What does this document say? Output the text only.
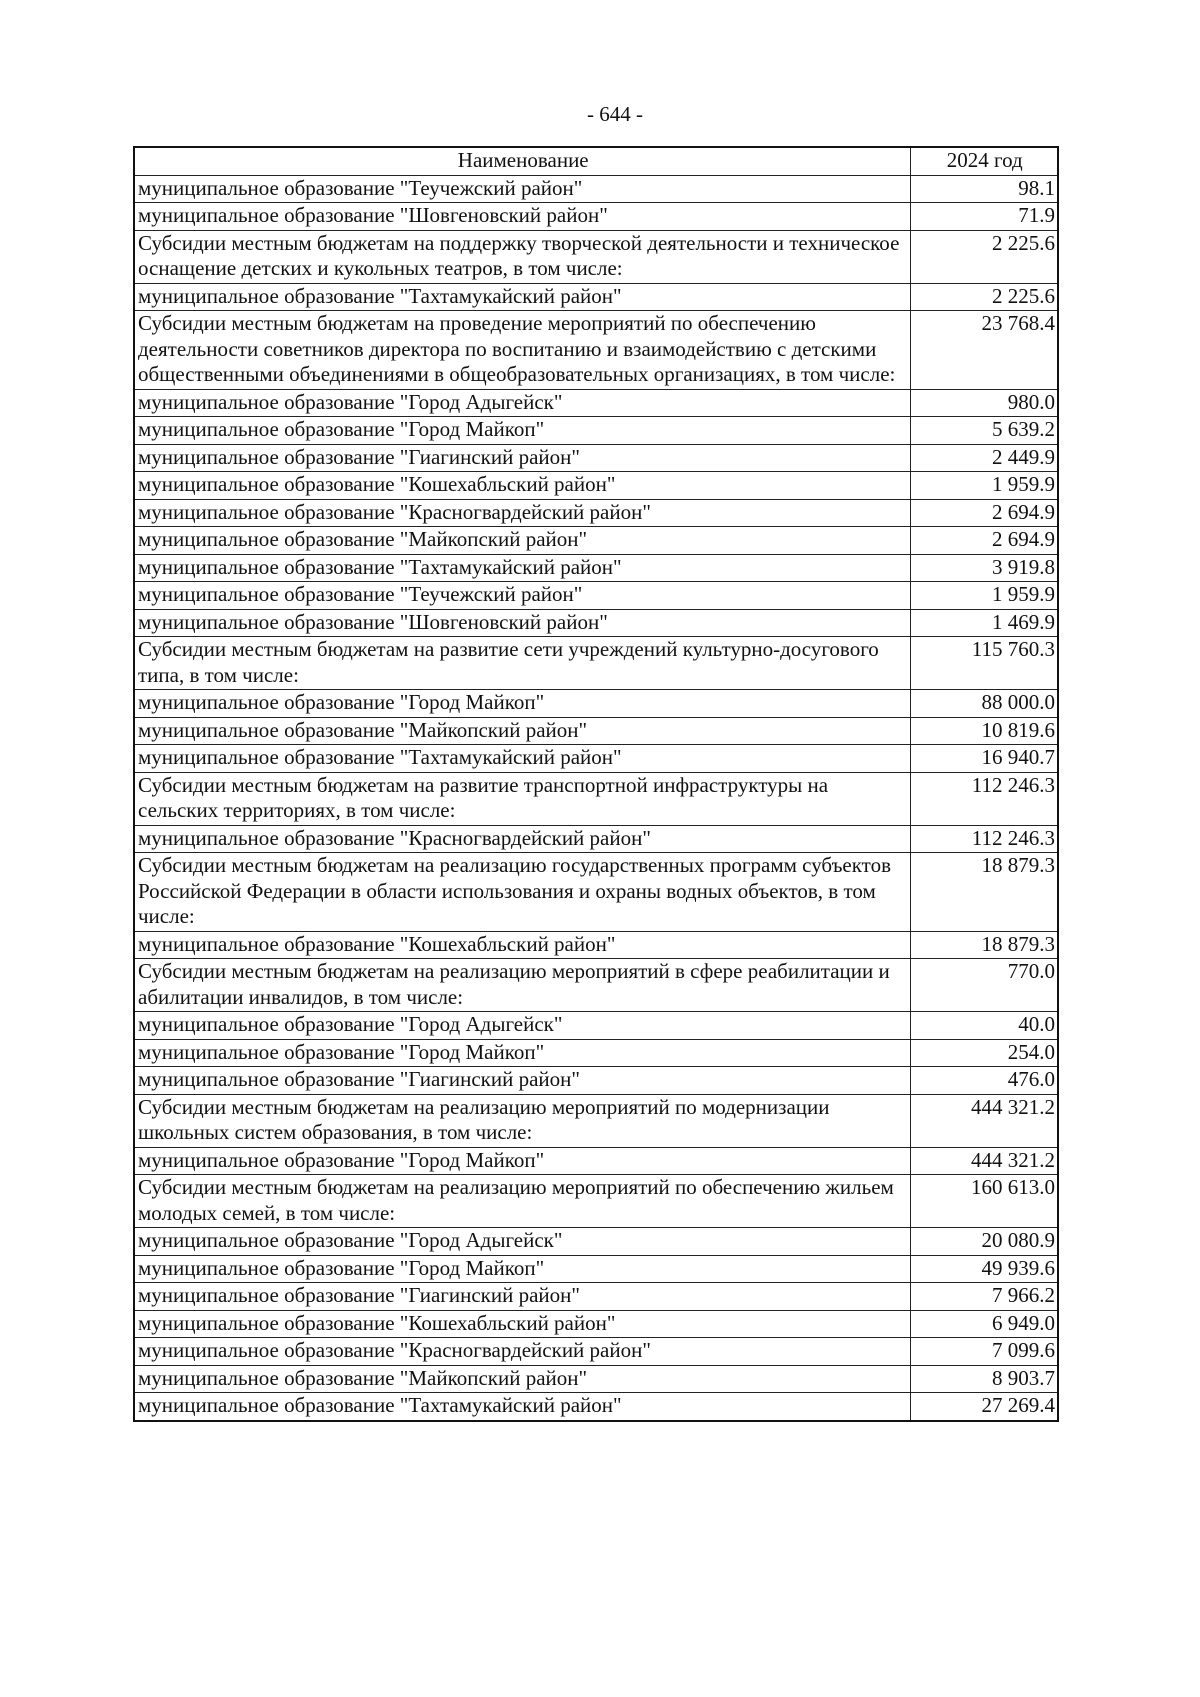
- 644 -
Наименование	2024 год
муниципальное образование "Теучежский район"	98.1
муниципальное образование "Шовгеновский район"	71.9
Субсидии местным бюджетам на поддержку творческой деятельности и техническое оснащение детских и кукольных театров, в том числе:	2 225.6
муниципальное образование "Тахтамукайский район"	2 225.6
Субсидии местным бюджетам на проведение мероприятий по обеспечению деятельности советников директора по воспитанию и взаимодействию с детскими общественными объединениями в общеобразовательных организациях, в том числе:	23 768.4
муниципальное образование "Город Адыгейск"	980.0
муниципальное образование "Город Майкоп"	5 639.2
муниципальное образование "Гиагинский район"	2 449.9
муниципальное образование "Кошехабльский район"	1 959.9
муниципальное образование "Красногвардейский район"	2 694.9
муниципальное образование "Майкопский район"	2 694.9
муниципальное образование "Тахтамукайский район"	3 919.8
муниципальное образование "Теучежский район"	1 959.9
муниципальное образование "Шовгеновский район"	1 469.9
Субсидии местным бюджетам на развитие сети учреждений культурно-досугового типа, в том числе:	115 760.3
муниципальное образование "Город Майкоп"	88 000.0
муниципальное образование "Майкопский район"	10 819.6
муниципальное образование "Тахтамукайский район"	16 940.7
Субсидии местным бюджетам на развитие транспортной инфраструктуры на сельских территориях, в том числе:	112 246.3
муниципальное образование "Красногвардейский район"	112 246.3
Субсидии местным бюджетам на реализацию государственных программ субъектов Российской Федерации в области использования и охраны водных объектов, в том числе:	18 879.3
муниципальное образование "Кошехабльский район"	18 879.3
Субсидии местным бюджетам на реализацию мероприятий в сфере реабилитации и абилитации инвалидов, в том числе:	770.0
муниципальное образование "Город Адыгейск"	40.0
муниципальное образование "Город Майкоп"	254.0
муниципальное образование "Гиагинский район"	476.0
Субсидии местным бюджетам на реализацию мероприятий по модернизации школьных систем образования, в том числе:	444 321.2
муниципальное образование "Город Майкоп"	444 321.2
Субсидии местным бюджетам на реализацию мероприятий по обеспечению жильем молодых семей, в том числе:	160 613.0
муниципальное образование "Город Адыгейск"	20 080.9
муниципальное образование "Город Майкоп"	49 939.6
муниципальное образование "Гиагинский район"	7 966.2
муниципальное образование "Кошехабльский район"	6 949.0
муниципальное образование "Красногвардейский район"	7 099.6
муниципальное образование "Майкопский район"	8 903.7
муниципальное образование "Тахтамукайский район"	27 269.4
